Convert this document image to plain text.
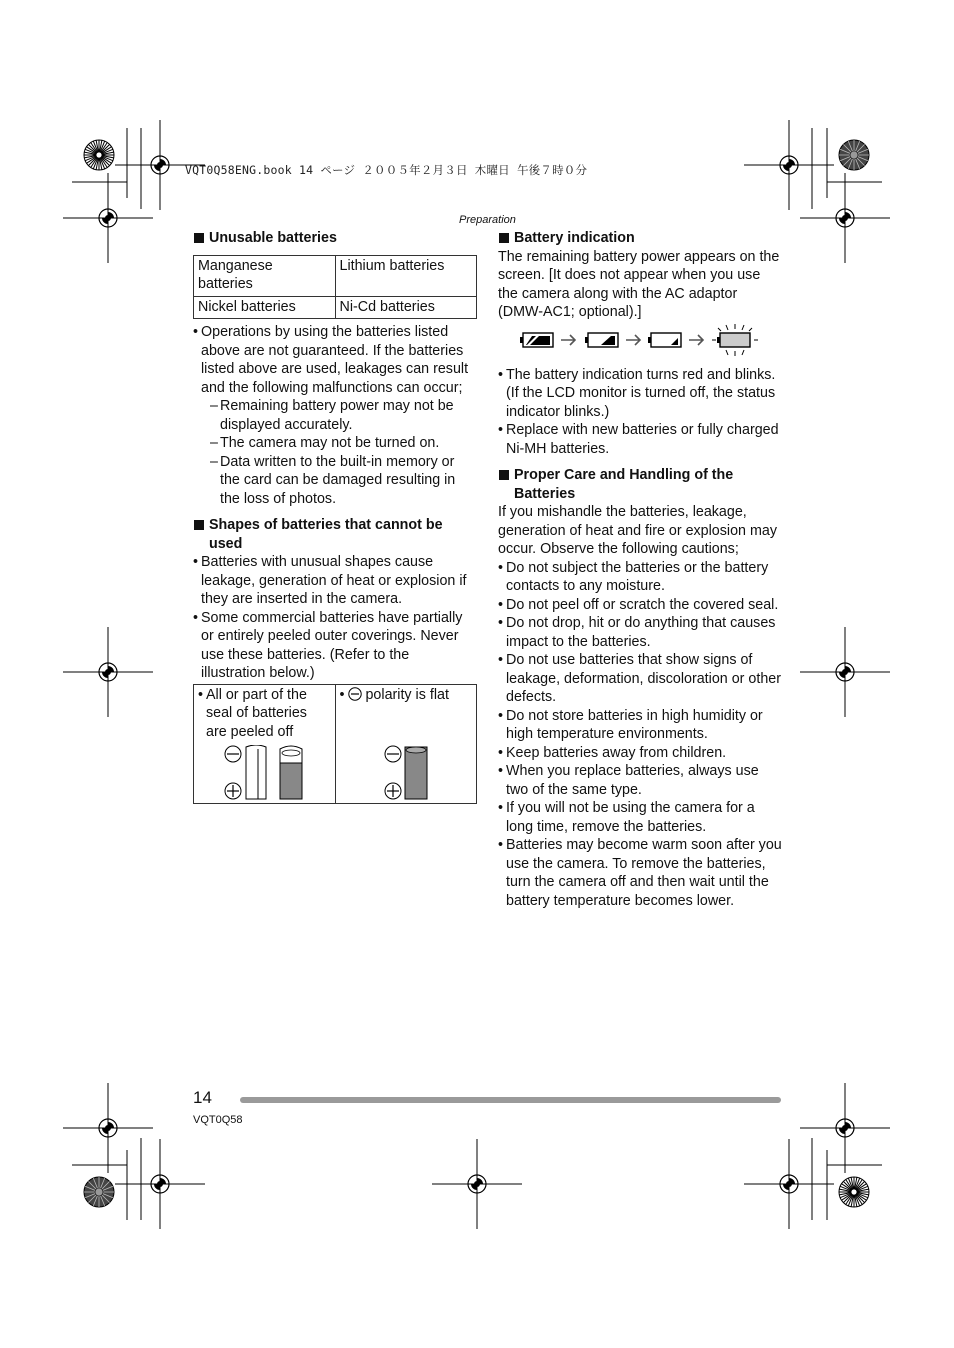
VQT0Q58ENG.book 14 ページ ２００５年２月３日 木曜日 午後７時０分
Preparation

Unusable batteries

Manganese batteries	Lithium batteries
Nickel batteries	Ni-Cd batteries
• Operations by using the batteries listed above are not guaranteed. If the batteries listed above are used, leakages can result and the following malfunctions can occur;
– Remaining battery power may not be displayed accurately.
– The camera may not be turned on.
– Data written to the built-in memory or the card can be damaged resulting in the loss of photos.

Shapes of batteries that cannot be used

• Batteries with unusual shapes cause leakage, generation of heat or explosion if they are inserted in the camera.
• Some commercial batteries have partially or entirely peeled outer coverings. Never use these batteries. (Refer to the illustration below.)
• All or part of the seal of batteries are peeled off

• polarity is flat

Battery indication

The remaining battery power appears on the screen. [It does not appear when you use the camera along with the AC adaptor (DMW-AC1; optional).]

• The battery indication turns red and blinks. (If the LCD monitor is turned off, the status indicator blinks.)
• Replace with new batteries or fully charged Ni-MH batteries.

Proper Care and Handling of the Batteries

If you mishandle the batteries, leakage, generation of heat and fire or explosion may occur. Observe the following cautions;

• Do not subject the batteries or the battery contacts to any moisture.
• Do not peel off or scratch the covered seal.
• Do not drop, hit or do anything that causes impact to the batteries.
• Do not use batteries that show signs of leakage, deformation, discoloration or other defects.
• Do not store batteries in high humidity or high temperature environments.
• Keep batteries away from children.
• When you replace batteries, always use two of the same type.
• If you will not be using the camera for a long time, remove the batteries.
• Batteries may become warm soon after you use the camera. To remove the batteries, turn the camera off and then wait until the battery temperature becomes lower.
14
VQT0Q58
